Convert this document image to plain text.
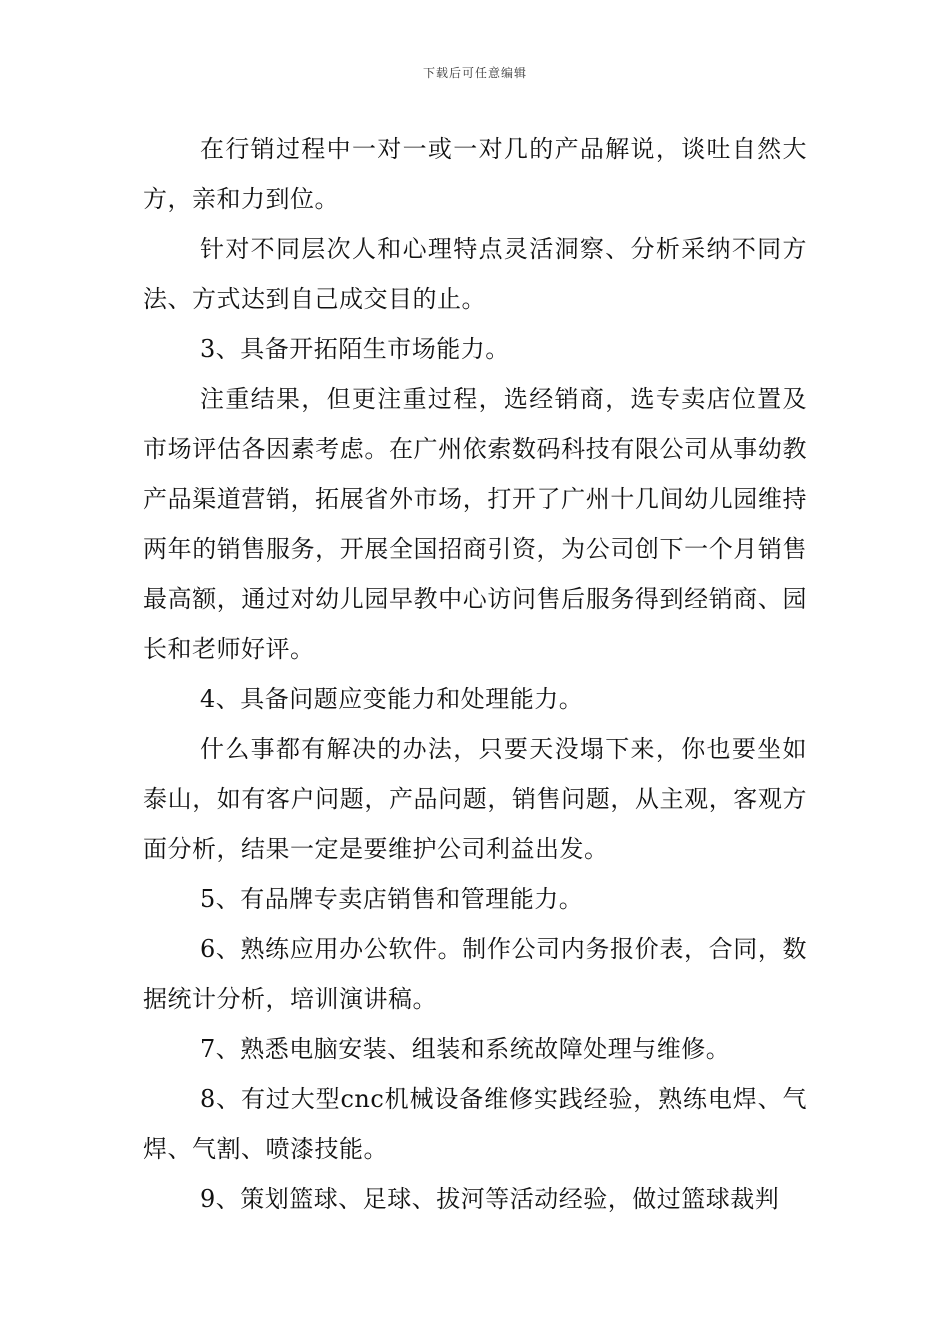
下载后可任意编辑

在行销过程中一对一或一对几的产品解说，谈吐自然大方，亲和力到位。

针对不同层次人和心理特点灵活洞察、分析采纳不同方法、方式达到自己成交目的止。

3、具备开拓陌生市场能力。

注重结果，但更注重过程，选经销商，选专卖店位置及市场评估各因素考虑。在广州依索数码科技有限公司从事幼教产品渠道营销，拓展省外市场，打开了广州十几间幼儿园维持两年的销售服务，开展全国招商引资，为公司创下一个月销售最高额，通过对幼儿园早教中心访问售后服务得到经销商、园长和老师好评。

4、具备问题应变能力和处理能力。

什么事都有解决的办法，只要天没塌下来，你也要坐如泰山，如有客户问题，产品问题，销售问题，从主观，客观方面分析，结果一定是要维护公司利益出发。

5、有品牌专卖店销售和管理能力。

6、熟练应用办公软件。制作公司内务报价表，合同，数据统计分析，培训演讲稿。

7、熟悉电脑安装、组装和系统故障处理与维修。

8、有过大型cnc机械设备维修实践经验，熟练电焊、气焊、气割、喷漆技能。

9、策划篮球、足球、拔河等活动经验，做过篮球裁判
